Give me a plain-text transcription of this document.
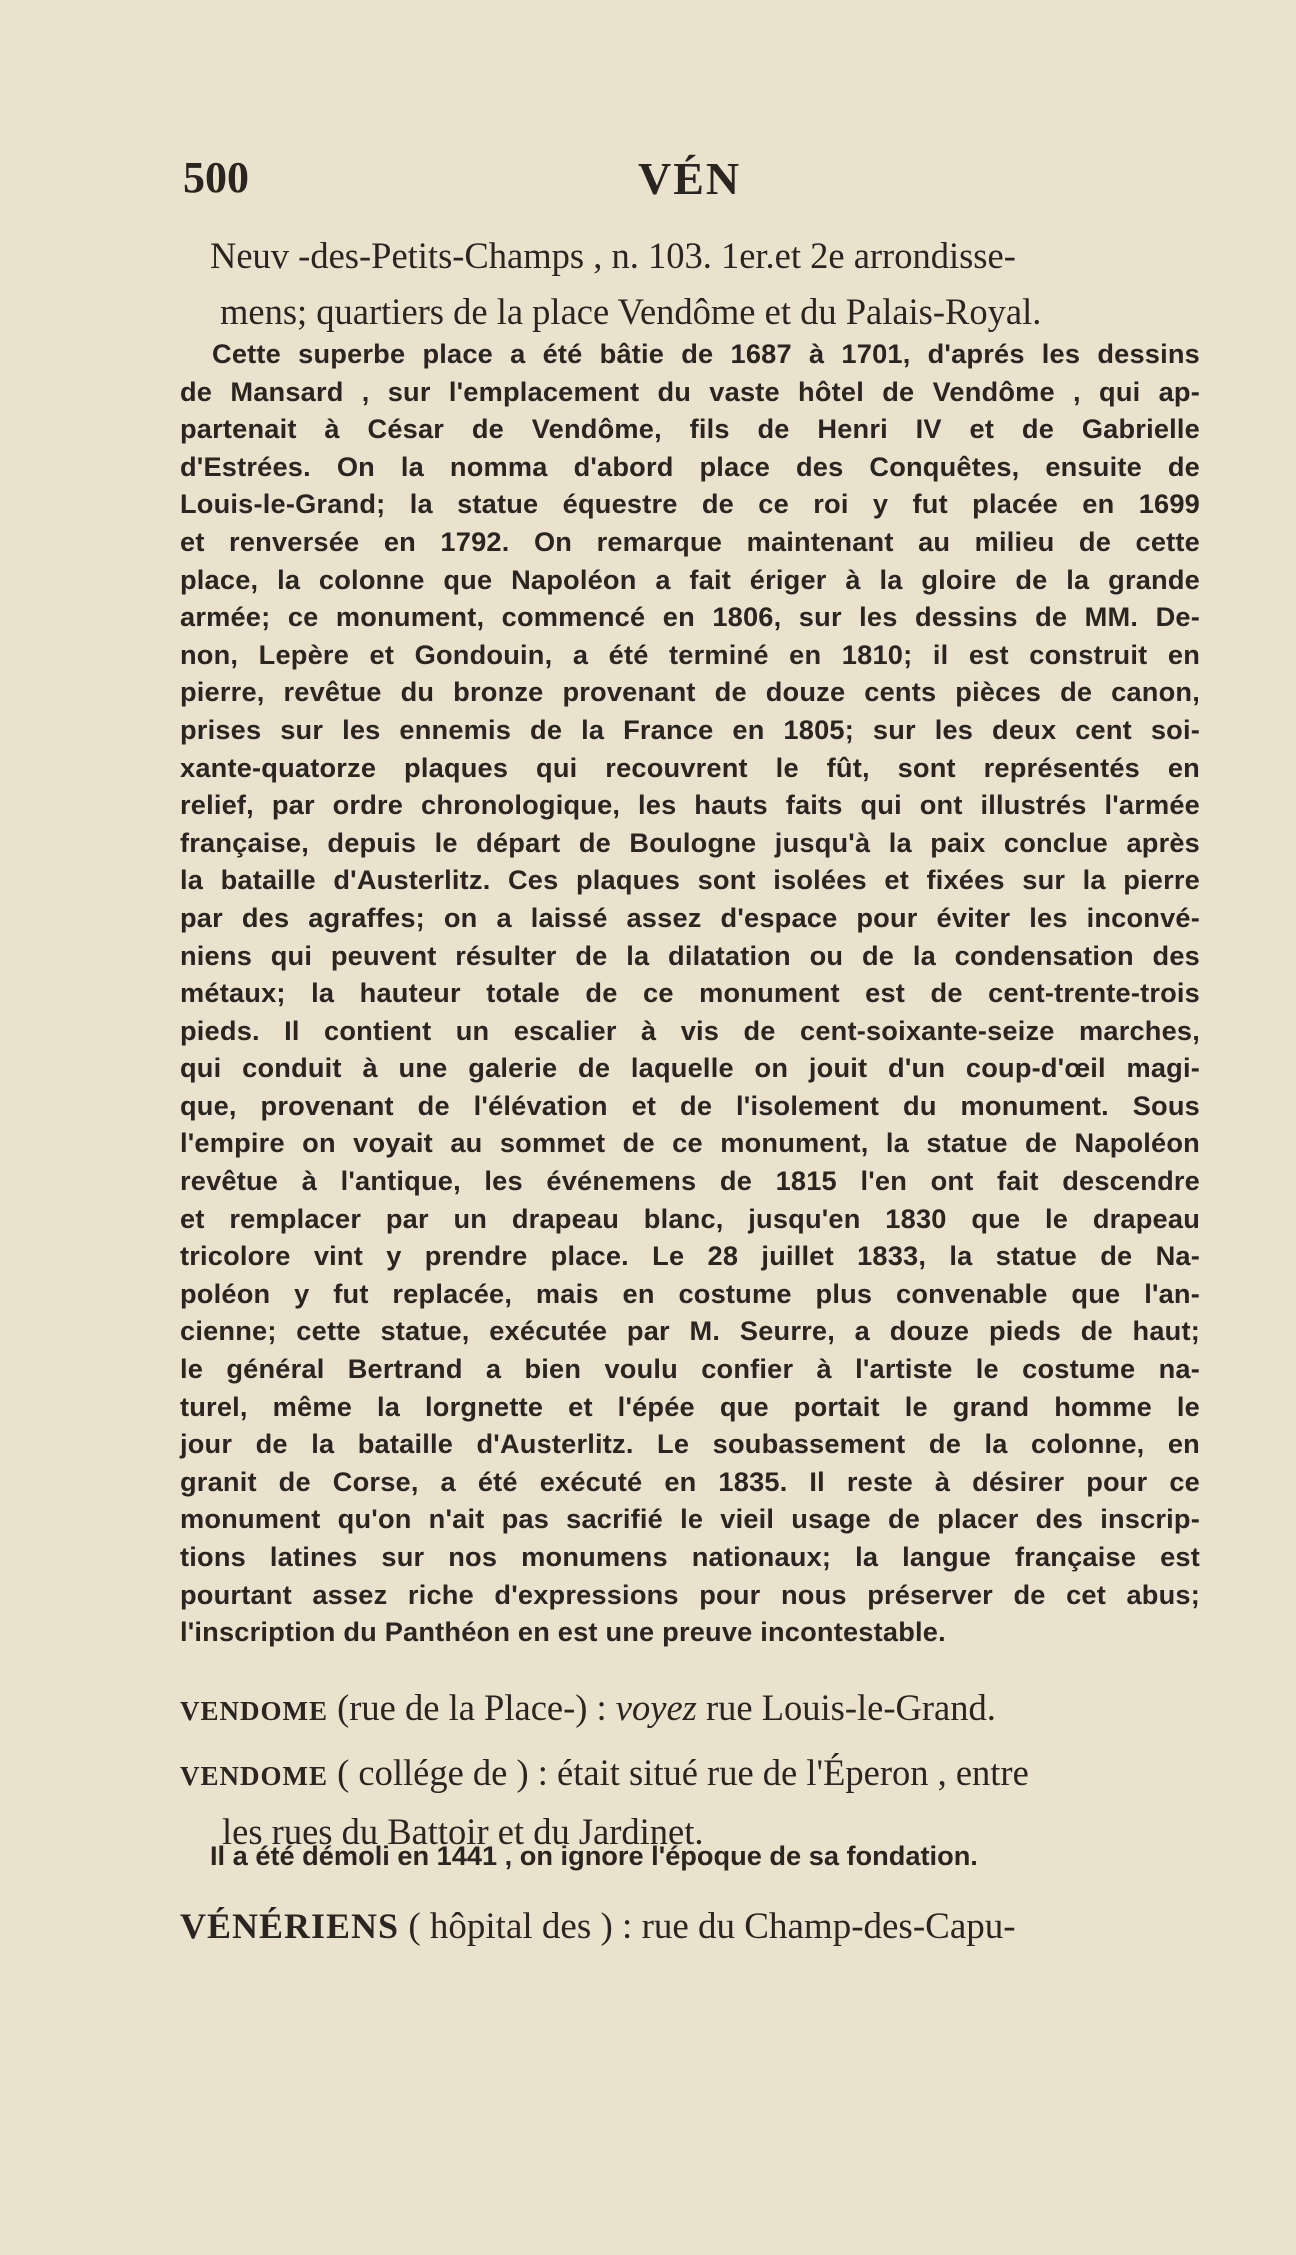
500	VÉN

Neuv -des-Petits-Champs , n. 103. 1er.et 2e arrondisse-
mens; quartiers de la place Vendôme et du Palais-Royal.

Cette superbe place a été bâtie de 1687 à 1701, d'aprés les dessins
de Mansard , sur l'emplacement du vaste hôtel de Vendôme , qui ap-
partenait à César de Vendôme, fils de Henri IV et de Gabrielle
d'Estrées. On la nomma d'abord place des Conquêtes, ensuite de
Louis-le-Grand; la statue équestre de ce roi y fut placée en 1699
et renversée en 1792. On remarque maintenant au milieu de cette
place, la colonne que Napoléon a fait ériger à la gloire de la grande
armée; ce monument, commencé en 1806, sur les dessins de MM. De-
non, Lepère et Gondouin, a été terminé en 1810; il est construit en
pierre, revêtue du bronze provenant de douze cents pièces de canon,
prises sur les ennemis de la France en 1805; sur les deux cent soi-
xante-quatorze plaques qui recouvrent le fût, sont représentés en
relief, par ordre chronologique, les hauts faits qui ont illustrés l'armée
française, depuis le départ de Boulogne jusqu'à la paix conclue après
la bataille d'Austerlitz. Ces plaques sont isolées et fixées sur la pierre
par des agraffes; on a laissé assez d'espace pour éviter les inconvé-
niens qui peuvent résulter de la dilatation ou de la condensation des
métaux; la hauteur totale de ce monument est de cent-trente-trois
pieds. Il contient un escalier à vis de cent-soixante-seize marches,
qui conduit à une galerie de laquelle on jouit d'un coup-d'œil magi-
que, provenant de l'élévation et de l'isolement du monument. Sous
l'empire on voyait au sommet de ce monument, la statue de Napoléon
revêtue à l'antique, les événemens de 1815 l'en ont fait descendre
et remplacer par un drapeau blanc, jusqu'en 1830 que le drapeau
tricolore vint y prendre place. Le 28 juillet 1833, la statue de Na-
poléon y fut replacée, mais en costume plus convenable que l'an-
cienne; cette statue, exécutée par M. Seurre, a douze pieds de haut;
le général Bertrand a bien voulu confier à l'artiste le costume na-
turel, même la lorgnette et l'épée que portait le grand homme le
jour de la bataille d'Austerlitz. Le soubassement de la colonne, en
granit de Corse, a été exécuté en 1835. Il reste à désirer pour ce
monument qu'on n'ait pas sacrifié le vieil usage de placer des inscrip-
tions latines sur nos monumens nationaux; la langue française est
pourtant assez riche d'expressions pour nous préserver de cet abus;
l'inscription du Panthéon en est une preuve incontestable.

VENDOME (rue de la Place-) : voyez rue Louis-le-Grand.

VENDOME ( collége de ) : était situé rue de l'Éperon , entre
les rues du Battoir et du Jardinet.

Il a été démoli en 1441 , on ignore l'époque de sa fondation.

VÉNÉRIENS ( hôpital des ) : rue du Champ-des-Capu-
